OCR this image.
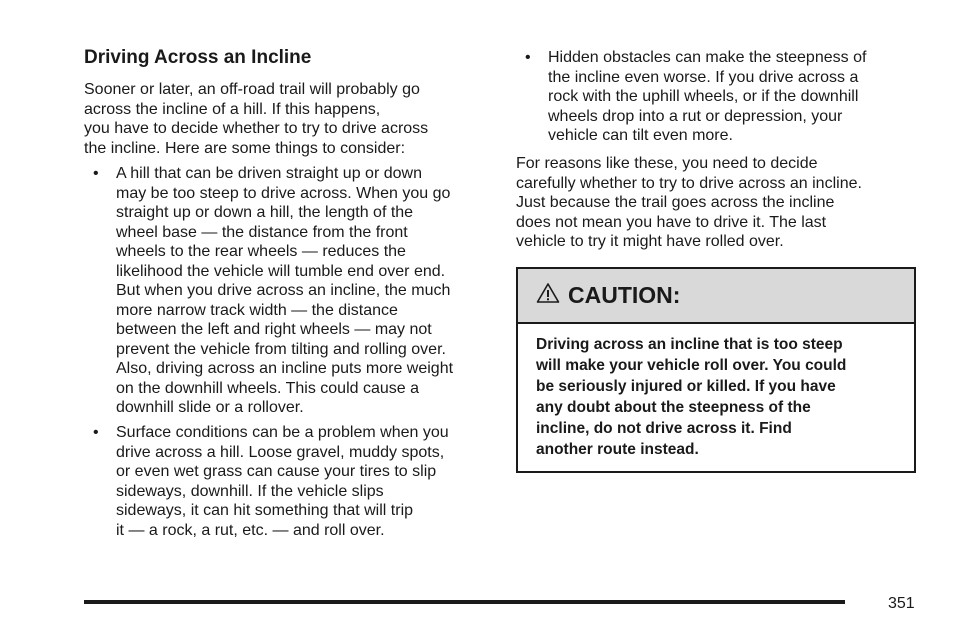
Driving Across an Incline

Sooner or later, an off-road trail will probably go
across the incline of a hill. If this happens,
you have to decide whether to try to drive across
the incline. Here are some things to consider:

• A hill that can be driven straight up or down
may be too steep to drive across. When you go
straight up or down a hill, the length of the
wheel base — the distance from the front
wheels to the rear wheels — reduces the
likelihood the vehicle will tumble end over end.
But when you drive across an incline, the much
more narrow track width — the distance
between the left and right wheels — may not
prevent the vehicle from tilting and rolling over.
Also, driving across an incline puts more weight
on the downhill wheels. This could cause a
downhill slide or a rollover.

• Surface conditions can be a problem when you
drive across a hill. Loose gravel, muddy spots,
or even wet grass can cause your tires to slip
sideways, downhill. If the vehicle slips
sideways, it can hit something that will trip
it — a rock, a rut, etc. — and roll over.

• Hidden obstacles can make the steepness of
the incline even worse. If you drive across a
rock with the uphill wheels, or if the downhill
wheels drop into a rut or depression, your
vehicle can tilt even more.

For reasons like these, you need to decide
carefully whether to try to drive across an incline.
Just because the trail goes across the incline
does not mean you have to drive it. The last
vehicle to try it might have rolled over.

CAUTION:

Driving across an incline that is too steep
will make your vehicle roll over. You could
be seriously injured or killed. If you have
any doubt about the steepness of the
incline, do not drive across it. Find
another route instead.

351
